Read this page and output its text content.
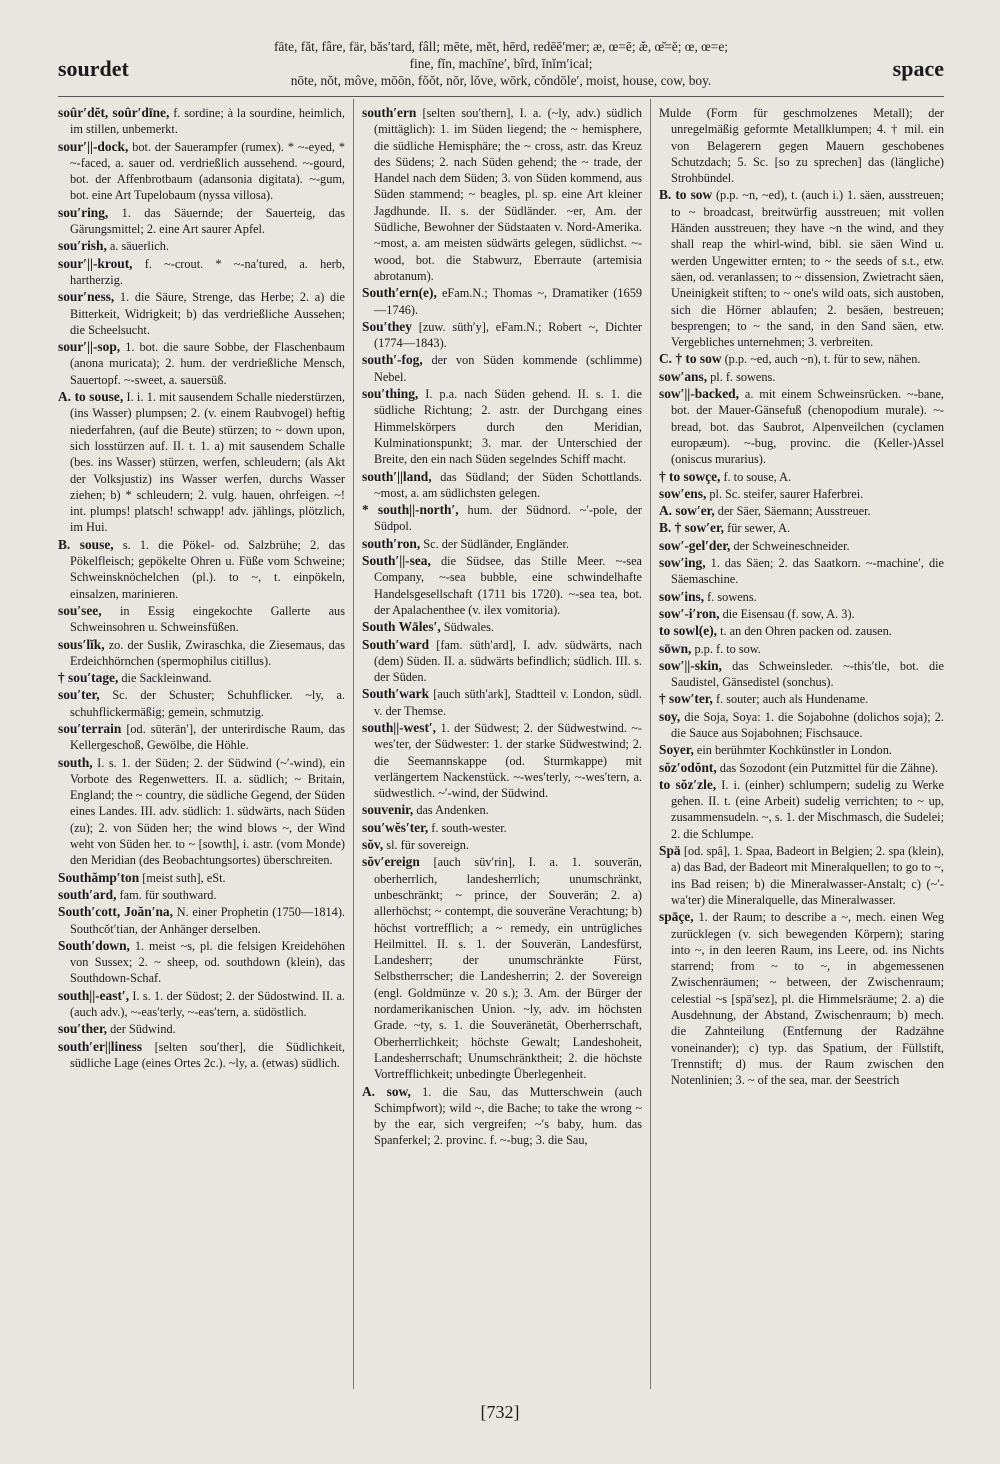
sourdet
fāte, făt, fâre, fär, băs′tard, fâll; mēte, mĕt, hērd, redēē′mer; æ, œ=ē; æ̆, œ̆=ĕ; œ, œ=e;
fine, fĭn, machīne′, bîrd, ĭnĭm′ical;
nōte, nŏt, môve, mōōn, fŏŏt, nŏr, lŏve, wōrk, cŏndōle′, moist, house, cow, boy.	space

soûr′dĕt, soûr′dīne, f. sordine; à la sourdine, heimlich, im stillen, unbemerkt.

sour′||-dock, bot. der Sauerampfer (rumex). * ~-eyed, * ~-faced, a. sauer od. verdrießlich aussehend. ~-gourd, bot. der Affenbrotbaum (adansonia digitata). ~-gum, bot. eine Art Tupelobaum (nyssa villosa).

sou′ring, 1. das Säuernde; der Sauerteig, das Gärungsmittel; 2. eine Art saurer Apfel.

sou′rish, a. säuerlich.

sour′||-krout, f. ~-crout. * ~-na′tured, a. herb, hartherzig.

sour′ness, 1. die Säure, Strenge, das Herbe; 2. a) die Bitterkeit, Widrigkeit; b) das verdrießliche Aussehen; die Scheelsucht.

sour′||-sop, 1. bot. die saure Sobbe, der Flaschenbaum (anona muricata); 2. hum. der verdrießliche Mensch, Sauertopf. ~-sweet, a. sauersüß.

A. to souse, I. i. 1. mit sausendem Schalle niederstürzen, (ins Wasser) plumpsen; 2. (v. einem Raubvogel) heftig niederfahren, (auf die Beute) stürzen; to ~ down upon, sich losstürzen auf. II. t. 1. a) mit sausendem Schalle (bes. ins Wasser) stürzen, werfen, schleudern; (als Akt der Volksjustiz) ins Wasser werfen, durchs Wasser ziehen; b) * schleudern; 2. vulg. hauen, ohrfeigen. ~! int. plumps! platsch! schwapp! adv. jählings, plötzlich, im Hui.

B. souse, s. 1. die Pökel- od. Salzbrühe; 2. das Pökelfleisch; gepökelte Ohren u. Füße vom Schweine; Schweinsknöchelchen (pl.). to ~, t. einpökeln, einsalzen, marinieren.

sou′see, in Essig eingekochte Gallerte aus Schweinsohren u. Schweinsfüßen.

sous′lĭk, zo. der Suslik, Zwiraschka, die Ziesemaus, das Erdeichhörnchen (spermophilus citillus).

† sou′tage, die Sackleinwand.

sou′ter, Sc. der Schuster; Schuhflicker. ~ly, a. schuhflickermäßig; gemein, schmutzig.

sou′terrain [od. sūterān′], der unterirdische Raum, das Kellergeschoß, Gewölbe, die Höhle.

south, I. s. 1. der Süden; 2. der Südwind (~′-wind), ein Vorbote des Regenwetters. II. a. südlich; ~ Britain, England; the ~ country, die südliche Gegend, der Süden eines Landes. III. adv. südlich: 1. südwärts, nach Süden (zu); 2. von Süden her; the wind blows ~, der Wind weht von Süden her. to ~ [sowth], i. astr. (vom Monde) den Meridian (des Beobachtungsortes) überschreiten.

Southămp′ton [meist suth], eSt.

south′ard, fam. für southward.

South′cott, Joăn′na, N. einer Prophetin (1750—1814). Southcŏt′tian, der Anhänger derselben.

South′down, 1. meist ~s, pl. die felsigen Kreidehöhen von Sussex; 2. ~ sheep, od. southdown (klein), das Southdown-Schaf.

south||-east′, I. s. 1. der Südost; 2. der Südostwind. II. a. (auch adv.), ~-eas′terly, ~-eas′tern, a. südöstlich.

sou′ther, der Südwind.

south′er||liness [selten sou′ther], die Südlichkeit, südliche Lage (eines Ortes 2c.). ~ly, a. (etwas) südlich.

south′ern [selten sou′thern], I. a. (~ly, adv.) südlich (mittäglich): 1. im Süden liegend; the ~ hemisphere, die südliche Hemisphäre; the ~ cross, astr. das Kreuz des Südens; 2. nach Süden gehend; the ~ trade, der Handel nach dem Süden; 3. von Süden kommend, aus Süden stammend; ~ beagles, pl. sp. eine Art kleiner Jagdhunde. II. s. der Südländer. ~er, Am. der Südliche, Bewohner der Südstaaten v. Nord-Amerika. ~most, a. am meisten südwärts gelegen, südlichst. ~-wood, bot. die Stabwurz, Eberraute (artemisia abrotanum).

South′ern(e), eFam.N.; Thomas ~, Dramatiker (1659—1746).

Sou′they [zuw. süth′y], eFam.N.; Robert ~, Dichter (1774—1843).

south′-fog, der von Süden kommende (schlimme) Nebel.

sou′thing, I. p.a. nach Süden gehend. II. s. 1. die südliche Richtung; 2. astr. der Durchgang eines Himmelskörpers durch den Meridian, Kulminationspunkt; 3. mar. der Unterschied der Breite, den ein nach Süden segelndes Schiff macht.

south′||land, das Südland; der Süden Schottlands. ~most, a. am südlichsten gelegen.

* south||-north′, hum. der Südnord. ~′-pole, der Südpol.

south′ron, Sc. der Südländer, Engländer.

South′||-sea, die Südsee, das Stille Meer. ~-sea Company, ~-sea bubble, eine schwindelhafte Handelsgesellschaft (1711 bis 1720). ~-sea tea, bot. der Apalachenthee (v. ilex vomitoria).

South Wāles′, Südwales.

South′ward [fam. süth′ard], I. adv. südwärts, nach (dem) Süden. II. a. südwärts befindlich; südlich. III. s. der Süden.

South′wark [auch süth′ark], Stadtteil v. London, südl. v. der Themse.

south||-west′, 1. der Südwest; 2. der Südwestwind. ~-wes′ter, der Südwester: 1. der starke Südwestwind; 2. die Seemannskappe (od. Sturmkappe) mit verlängertem Nackenstück. ~-wes′terly, ~-wes′tern, a. südwestlich. ~′-wind, der Südwind.

souvenir, das Andenken.

sou′wĕs′ter, f. south-wester.

sŏv, sl. für sovereign.

sŏv′ereign [auch süv′rin], I. a. 1. souverän, oberherrlich, landesherrlich; unumschränkt, unbeschränkt; ~ prince, der Souverän; 2. a) allerhöchst; ~ contempt, die souveräne Verachtung; b) höchst vortrefflich; a ~ remedy, ein untrügliches Heilmittel. II. s. 1. der Souverän, Landesfürst, Landesherr; der unumschränkte Fürst, Selbstherrscher; die Landesherrin; 2. der Sovereign (engl. Goldmünze v. 20 s.); 3. Am. der Bürger der nordamerikanischen Union. ~ly, adv. im höchsten Grade. ~ty, s. 1. die Souveränetät, Oberherrschaft, Oberherrlichkeit; höchste Gewalt; Landeshoheit, Landesherrschaft; Unumschränktheit; 2. die höchste Vortrefflichkeit; unbedingte Überlegenheit.

A. sow, 1. die Sau, das Mutterschwein (auch Schimpfwort); wild ~, die Bache; to take the wrong ~ by the ear, sich vergreifen; ~′s baby, hum. das Spanferkel; 2. provinc. f. ~-bug; 3. die Sau,

Mulde (Form für geschmolzenes Metall); der unregelmäßig geformte Metallklumpen; 4. † mil. ein von Belagerern gegen Mauern geschobenes Schutzdach; 5. Sc. [so zu sprechen] das (längliche) Strohbündel.

B. to sow (p.p. ~n, ~ed), t. (auch i.) 1. säen, ausstreuen; to ~ broadcast, breitwürfig ausstreuen; mit vollen Händen ausstreuen; they have ~n the wind, and they shall reap the whirl-wind, bibl. sie säen Wind u. werden Ungewitter ernten; to ~ the seeds of s.t., etw. säen, od. veranlassen; to ~ dissension, Zwietracht säen, Uneinigkeit stiften; to ~ one's wild oats, sich austoben, sich die Hörner ablaufen; 2. besäen, bestreuen; besprengen; to ~ the sand, in den Sand säen, etw. Vergebliches unternehmen; 3. verbreiten.

C. † to sow (p.p. ~ed, auch ~n), t. für to sew, nähen.

sow′ans, pl. f. sowens.

sow′||-backed, a. mit einem Schweinsrücken. ~-bane, bot. der Mauer-Gänsefuß (chenopodium murale). ~-bread, bot. das Saubrot, Alpenveilchen (cyclamen europæum). ~-bug, provinc. die (Keller-)Assel (oniscus murarius).

† to sowçe, f. to souse, A.

sow′ens, pl. Sc. steifer, saurer Haferbrei.

A. sow′er, der Säer, Säemann; Ausstreuer.

B. † sow′er, für sewer, A.

sow′-gel′der, der Schweineschneider.

sow′ing, 1. das Säen; 2. das Saatkorn. ~-machine′, die Säemaschine.

sow′ins, f. sowens.

sow′-i′ron, die Eisensau (f. sow, A. 3).

to sowl(e), t. an den Ohren packen od. zausen.

sōwn, p.p. f. to sow.

sow′||-skin, das Schweinsleder. ~-this′tle, bot. die Saudistel, Gänsedistel (sonchus).

† sow′ter, f. souter; auch als Hundename.

soy, die Soja, Soya: 1. die Sojabohne (dolichos soja); 2. die Sauce aus Sojabohnen; Fischsauce.

Soyer, ein berühmter Kochkünstler in London.

sŏz′odŏnt, das Sozodont (ein Putzmittel für die Zähne).

to sŏz′zle, I. i. (einher) schlumpern; sudelig zu Werke gehen. II. t. (eine Arbeit) sudelig verrichten; to ~ up, zusammensudeln. ~, s. 1. der Mischmasch, die Sudelei; 2. die Schlumpe.

Spä [od. spâ], 1. Spaa, Badeort in Belgien; 2. spa (klein), a) das Bad, der Badeort mit Mineralquellen; to go to ~, ins Bad reisen; b) die Mineralwasser-Anstalt; c) (~′-wa′ter) die Mineralquelle, das Mineralwasser.

spāçe, 1. der Raum; to describe a ~, mech. einen Weg zurücklegen (v. sich bewegenden Körpern); staring into ~, in den leeren Raum, ins Leere, od. ins Nichts starrend; from ~ to ~, in abgemessenen Zwischenräumen; ~ between, der Zwischenraum; celestial ~s [spā′sez], pl. die Himmelsräume; 2. a) die Ausdehnung, der Abstand, Zwischenraum; b) mech. die Zahnteilung (Entfernung der Radzähne voneinander); c) typ. das Spatium, der Füllstift, Trennstift; d) mus. der Raum zwischen den Notenlinien; 3. ~ of the sea, mar. der Seestrich

[732]
